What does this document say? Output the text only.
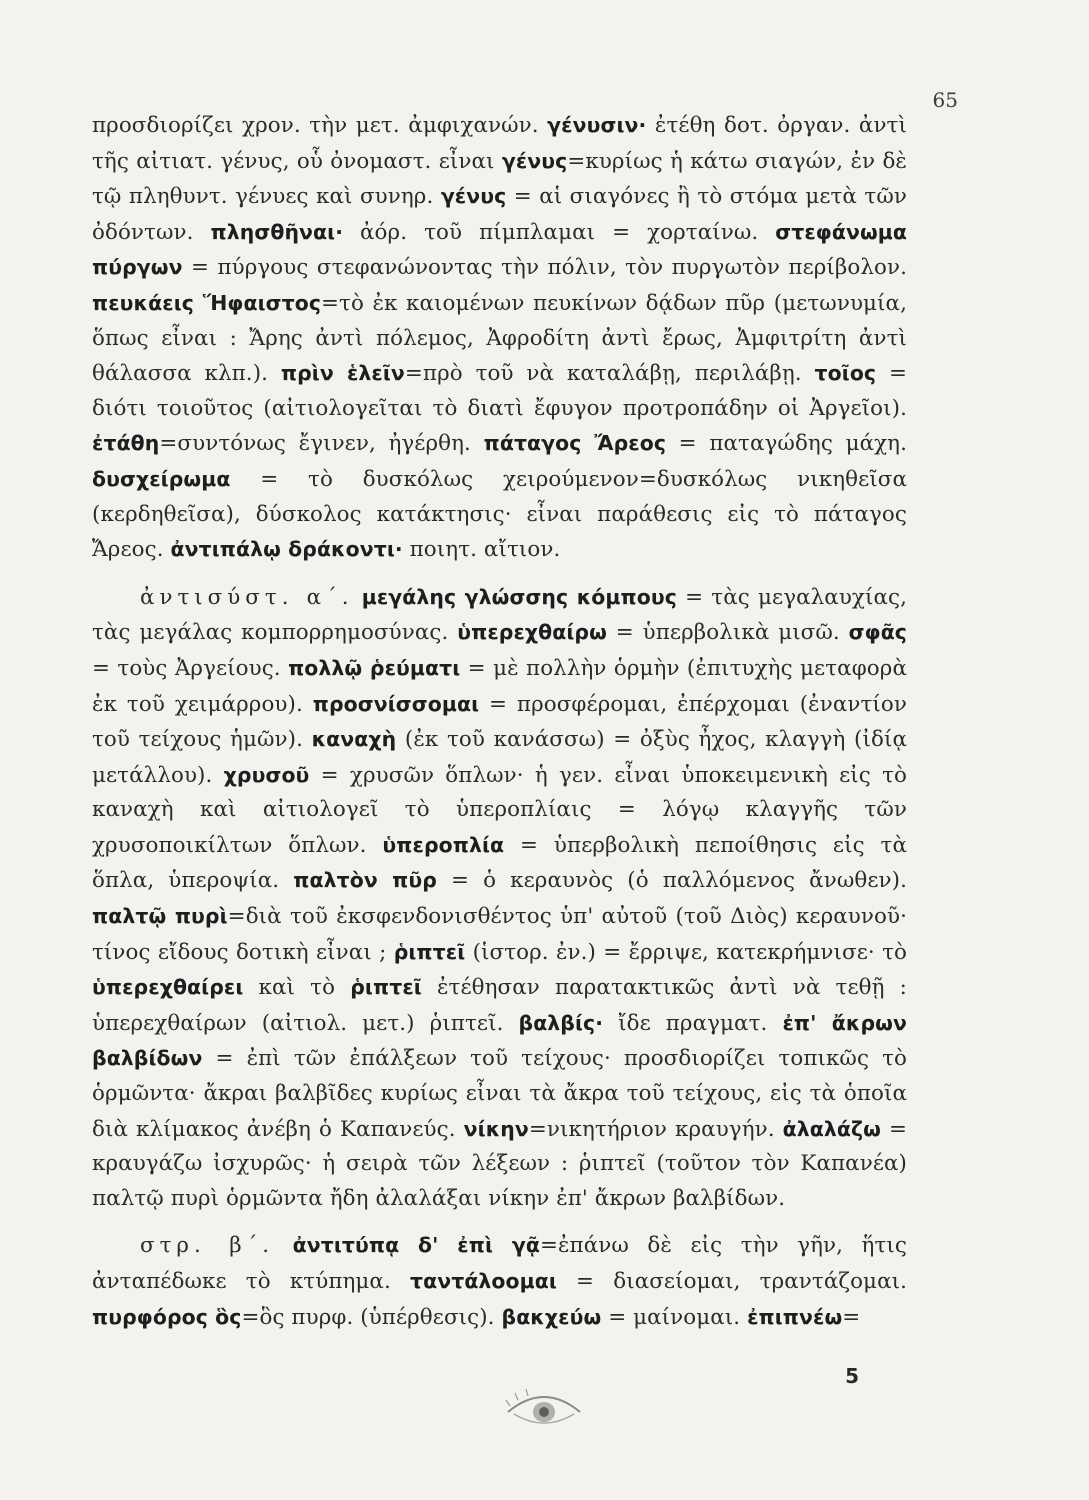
65

προσδιορίζει χρον. τὴν μετ. ἀμφιχανών. γένυσιν· ἐτέθη δοτ. ὀργαν. ἀντὶ τῆς αἰτιατ. γένυς, οὗ ὀνομαστ. εἶναι γένυς=κυρίως ἡ κάτω σιαγών, ἐν δὲ τῷ πληθυντ. γένυες καὶ συνηρ. γένυς = αἱ σιαγόνες ἢ τὸ στόμα μετὰ τῶν ὀδόντων. πλησθῆναι· ἀόρ. τοῦ πίμπλαμαι = χορταίνω. στεφάνωμα πύργων = πύργους στεφανώνοντας τὴν πόλιν, τὸν πυργωτὸν περίβολον. πευκάεις Ἥφαιστος=τὸ ἐκ καιομένων πευκίνων δᾴδων πῦρ (μετωνυμία, ὅπως εἶναι : Ἄρης ἀντὶ πόλεμος, Ἀφροδίτη ἀντὶ ἔρως, Ἀμφιτρίτη ἀντὶ θάλασσα κλπ.). πρὶν ἑλεῖν=πρὸ τοῦ νὰ καταλάβῃ, περιλάβῃ. τοῖος = διότι τοιοῦτος (αἰτιολογεῖται τὸ διατὶ ἔφυγον προτροπάδην οἱ Ἀργεῖοι). ἐτάθη=συντόνως ἔγινεν, ἠγέρθη. πάταγος Ἄρεος = παταγώδης μάχη. δυσχείρωμα = τὸ δυσκόλως χειρούμενον=δυσκόλως νικηθεῖσα (κερδηθεῖσα), δύσκολος κατάκτησις· εἶναι παράθεσις εἰς τὸ πάταγος Ἄρεος. ἀντιπάλῳ δράκοντι· ποιητ. αἴτιον.

ἀντισύστ. α΄. μεγάλης γλώσσης κόμπους = τὰς μεγαλαυχίας, τὰς μεγάλας κομπορρημοσύνας. ὑπερεχθαίρω = ὑπερβολικὰ μισῶ. σφᾶς = τοὺς Ἀργείους. πολλῷ ῥεύματι = μὲ πολλὴν ὁρμὴν (ἐπιτυχὴς μεταφορὰ ἐκ τοῦ χειμάρρου). προσνίσσομαι = προσφέρομαι, ἐπέρχομαι (ἐναντίον τοῦ τείχους ἡμῶν). καναχὴ (ἐκ τοῦ κανάσσω) = ὀξὺς ἦχος, κλαγγὴ (ἰδίᾳ μετάλλου). χρυσοῦ = χρυσῶν ὅπλων· ἡ γεν. εἶναι ὑποκειμενικὴ εἰς τὸ καναχὴ καὶ αἰτιολογεῖ τὸ ὑπεροπλίαις = λόγῳ κλαγγῆς τῶν χρυσοποικίλτων ὅπλων. ὑπεροπλία = ὑπερβολικὴ πεποίθησις εἰς τὰ ὅπλα, ὑπεροψία. παλτὸν πῦρ = ὁ κεραυνὸς (ὁ παλλόμενος ἄνωθεν). παλτῷ πυρὶ=διὰ τοῦ ἐκσφενδονισθέντος ὑπ' αὐτοῦ (τοῦ Διὸς) κεραυνοῦ· τίνος εἴδους δοτικὴ εἶναι ; ῥιπτεῖ (ἱστορ. ἐν.) = ἔρριψε, κατεκρήμνισε· τὸ ὑπερεχθαίρει καὶ τὸ ῥιπτεῖ ἐτέθησαν παρατακτικῶς ἀντὶ νὰ τεθῇ : ὑπερεχθαίρων (αἰτιολ. μετ.) ῥιπτεῖ. βαλβίς· ἴδε πραγματ. ἐπ' ἄκρων βαλβίδων = ἐπὶ τῶν ἐπάλξεων τοῦ τείχους· προσδιορίζει τοπικῶς τὸ ὁρμῶντα· ἄκραι βαλβῖδες κυρίως εἶναι τὰ ἄκρα τοῦ τείχους, εἰς τὰ ὁποῖα διὰ κλίμακος ἀνέβη ὁ Καπανεύς. νίκην=νικητήριον κραυγήν. ἀλαλάζω = κραυγάζω ἰσχυρῶς· ἡ σειρὰ τῶν λέξεων : ῥιπτεῖ (τοῦτον τὸν Καπανέα) παλτῷ πυρὶ ὁρμῶντα ἤδη ἀλαλάξαι νίκην ἐπ' ἄκρων βαλβίδων.

στρ. β΄. ἀντιτύπᾳ δ' ἐπὶ γᾷ=ἐπάνω δὲ εἰς τὴν γῆν, ἥτις ἀνταπέδωκε τὸ κτύπημα. ταντάλοομαι = διασείομαι, τραντάζομαι. πυρφόρος ὃς=ὃς πυρφ. (ὑπέρθεσις). βακχεύω = μαίνομαι. ἐπιπνέω=

5
